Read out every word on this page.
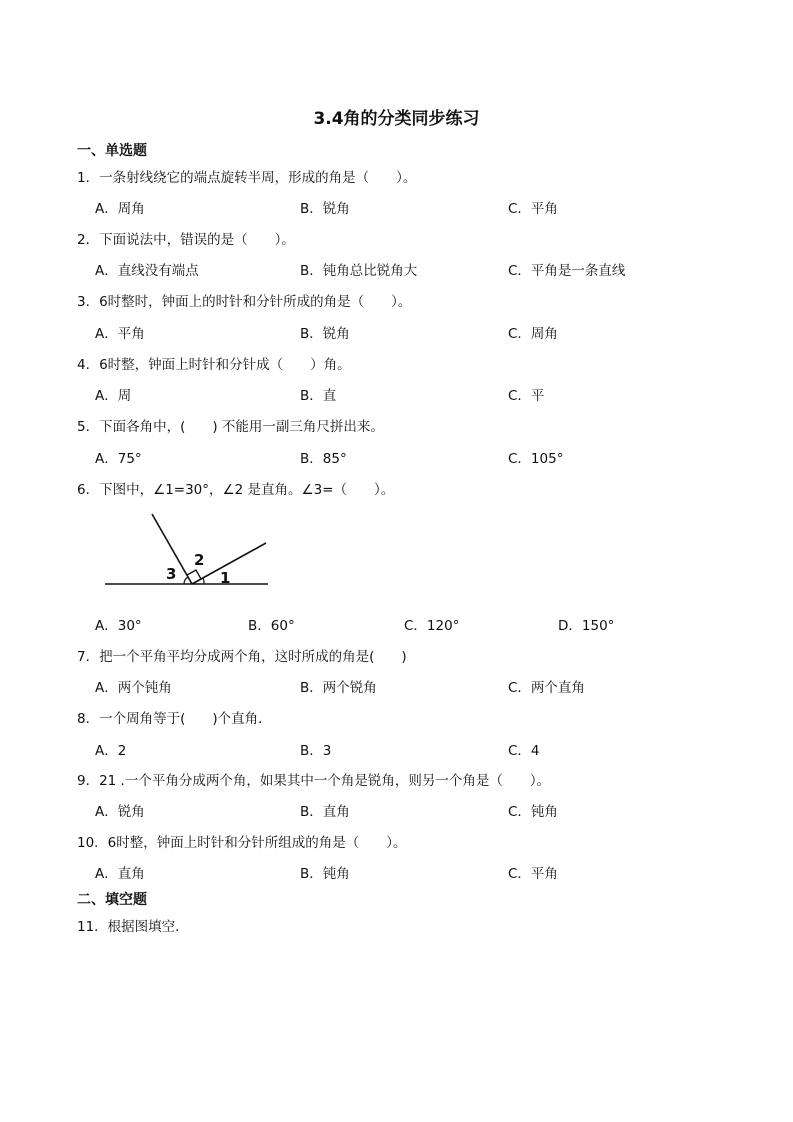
3.4角的分类同步练习
一、单选题
1．一条射线绕它的端点旋转半周，形成的角是（　　）。
A．周角	B．锐角	C．平角
2．下面说法中，错误的是（　　）。
A．直线没有端点	B．钝角总比锐角大	C．平角是一条直线
3．6时整时，钟面上的时针和分针所成的角是（　　）。
A．平角	B．锐角	C．周角
4．6时整，钟面上时针和分针成（　　）角。
A．周	B．直	C．平
5．下面各角中，(　　) 不能用一副三角尺拼出来。
A．75°	B．85°	C．105°
6．下图中，∠1=30°，∠2 是直角。∠3=（　　）。
3
2
1
A．30°	B．60°	C．120°	D．150°
7．把一个平角平均分成两个角，这时所成的角是(　　)
A．两个钝角	B．两个锐角	C．两个直角
8．一个周角等于(　　)个直角．
A．2	B．3	C．4
9．21 .一个平角分成两个角，如果其中一个角是锐角，则另一个角是（　　）。
A．锐角	B．直角	C．钝角
10．6时整，钟面上时针和分针所组成的角是（　　）。
A．直角	B．钝角	C．平角
二、填空题
11．根据图填空．
